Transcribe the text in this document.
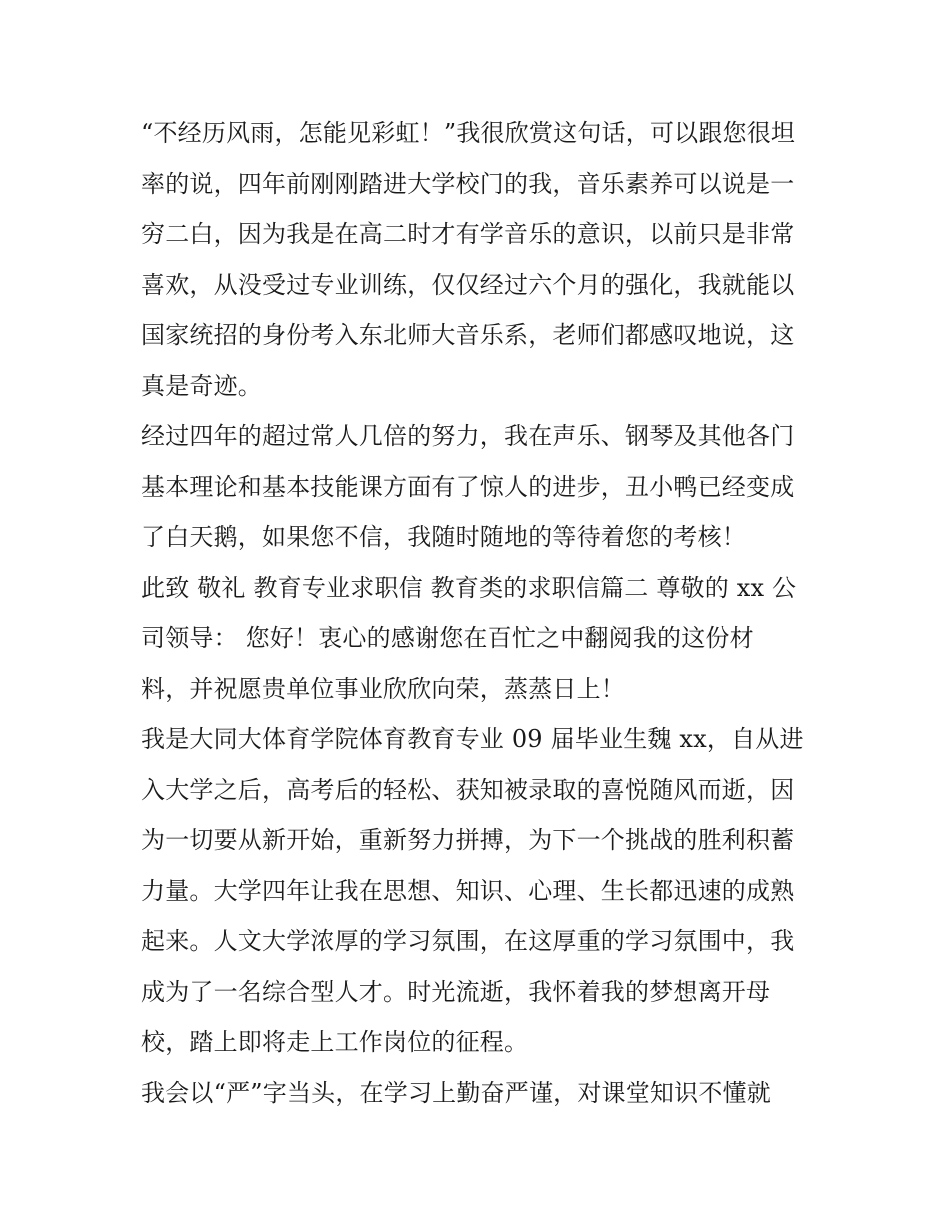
“不经历风雨，怎能见彩虹！”我很欣赏这句话，可以跟您很坦
率的说，四年前刚刚踏进大学校门的我，音乐素养可以说是一
穷二白，因为我是在高二时才有学音乐的意识，以前只是非常
喜欢，从没受过专业训练，仅仅经过六个月的强化，我就能以
国家统招的身份考入东北师大音乐系，老师们都感叹地说，这
真是奇迹。
经过四年的超过常人几倍的努力，我在声乐、钢琴及其他各门
基本理论和基本技能课方面有了惊人的进步，丑小鸭已经变成
了白天鹅，如果您不信，我随时随地的等待着您的考核！
此致 敬礼 教育专业求职信 教育类的求职信篇二 尊敬的 xx 公
司领导： 您好！衷心的感谢您在百忙之中翻阅我的这份材
料，并祝愿贵单位事业欣欣向荣，蒸蒸日上！
我是大同大体育学院体育教育专业 09 届毕业生魏 xx，自从进
入大学之后，高考后的轻松、获知被录取的喜悦随风而逝，因
为一切要从新开始，重新努力拼搏，为下一个挑战的胜利积蓄
力量。大学四年让我在思想、知识、心理、生长都迅速的成熟
起来。人文大学浓厚的学习氛围，在这厚重的学习氛围中，我
成为了一名综合型人才。时光流逝，我怀着我的梦想离开母
校，踏上即将走上工作岗位的征程。
我会以“严”字当头，在学习上勤奋严谨，对课堂知识不懂就
